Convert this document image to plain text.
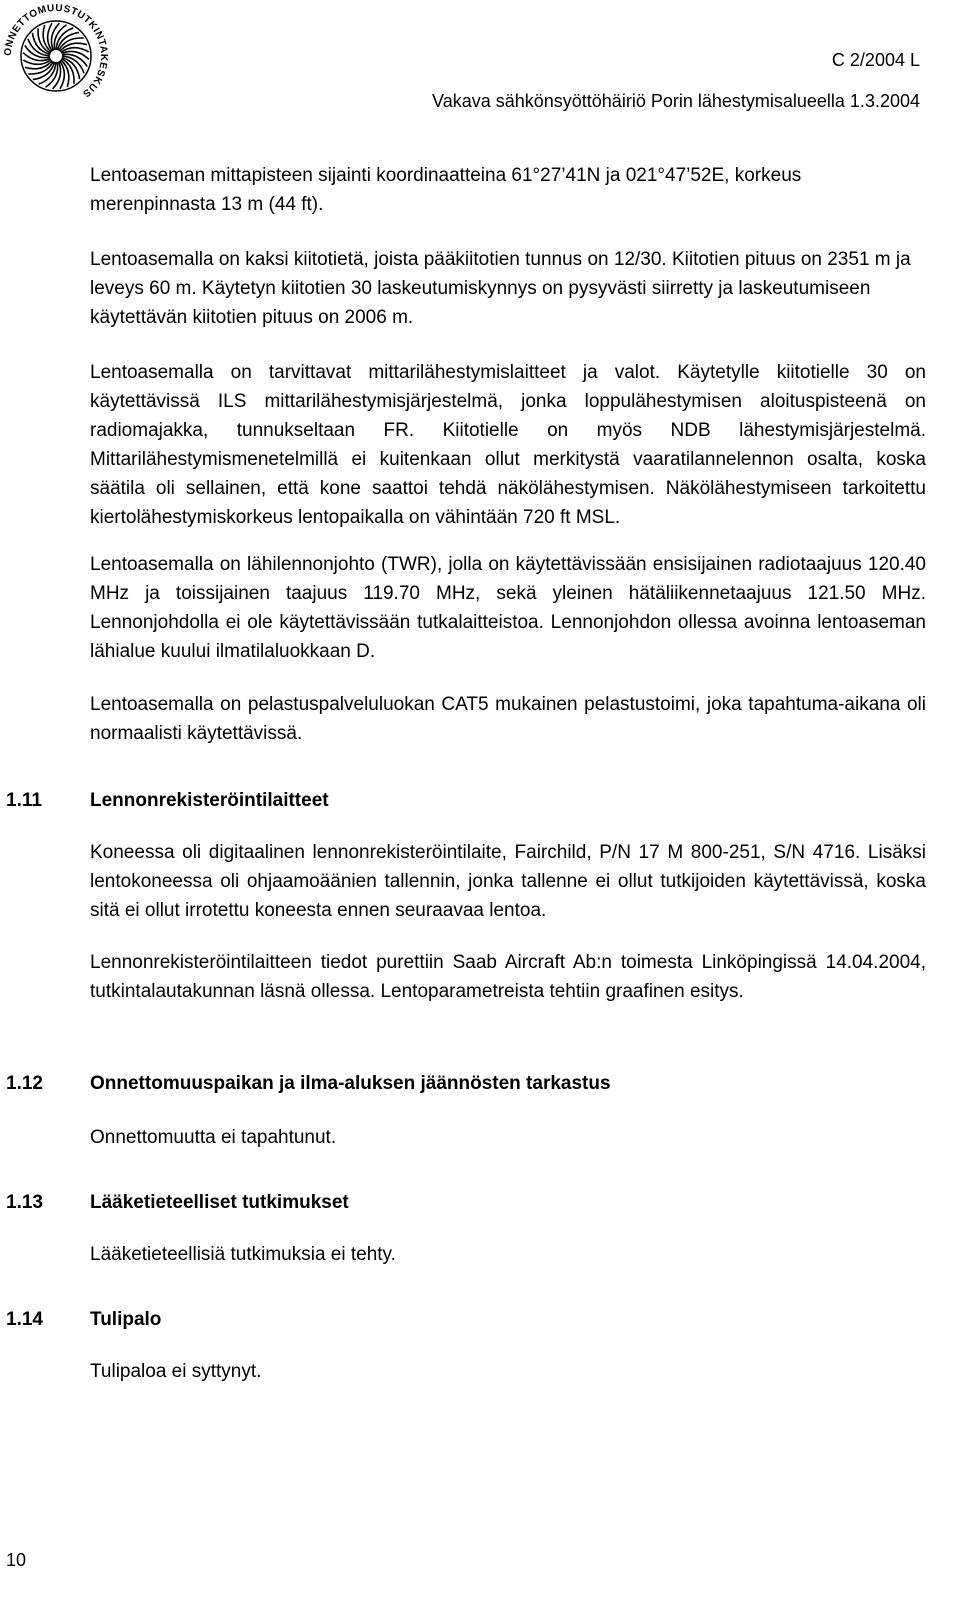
ONNETTOMUUSTUTKINTAKESKUS
C 2/2004 L
Vakava sähkönsyöttöhäiriö Porin lähestymisalueella 1.3.2004

Lentoaseman mittapisteen sijainti koordinaatteina 61°27’41N ja 021°47’52E, korkeus merenpinnasta 13 m (44 ft).

Lentoasemalla on kaksi kiitotietä, joista pääkiitotien tunnus on 12/30. Kiitotien pituus on 2351 m ja leveys 60 m. Käytetyn kiitotien 30 laskeutumiskynnys on pysyvästi siirretty ja laskeutumiseen käytettävän kiitotien pituus on 2006 m.

Lentoasemalla on tarvittavat mittarilähestymislaitteet ja valot. Käytetylle kiitotielle 30 on käytettävissä ILS mittarilähestymisjärjestelmä, jonka loppulähestymisen aloituspisteenä on radiomajakka, tunnukseltaan FR. Kiitotielle on myös NDB lähestymisjärjestelmä. Mittarilähestymismenetelmillä ei kuitenkaan ollut merkitystä vaaratilannelennon osalta, koska säätila oli sellainen, että kone saattoi tehdä näkölähestymisen. Näkölähestymiseen tarkoitettu kiertolähestymiskorkeus lentopaikalla on vähintään 720 ft MSL.

Lentoasemalla on lähilennonjohto (TWR), jolla on käytettävissään ensisijainen radiotaajuus 120.40 MHz ja toissijainen taajuus 119.70 MHz, sekä yleinen hätäliikennetaajuus 121.50 MHz. Lennonjohdolla ei ole käytettävissään tutkalaitteistoa. Lennonjohdon ollessa avoinna lentoaseman lähialue kuului ilmatilaluokkaan D.

Lentoasemalla on pelastuspalveluluokan CAT5 mukainen pelastustoimi, joka tapahtuma-aikana oli normaalisti käytettävissä.

1.11	Lennonrekisteröintilaitteet

Koneessa oli digitaalinen lennonrekisteröintilaite, Fairchild, P/N 17 M 800-251, S/N 4716. Lisäksi lentokoneessa oli ohjaamoäänien tallennin, jonka tallenne ei ollut tutkijoiden käytettävissä, koska sitä ei ollut irrotettu koneesta ennen seuraavaa lentoa.

Lennonrekisteröintilaitteen tiedot purettiin Saab Aircraft Ab:n toimesta Linköpingissä 14.04.2004, tutkintalautakunnan läsnä ollessa. Lentoparametreista tehtiin graafinen esitys.

1.12 Onnettomuuspaikan ja ilma-aluksen jäännösten tarkastus

Onnettomuutta ei tapahtunut.

1.13 Lääketieteelliset tutkimukset

Lääketieteellisiä tutkimuksia ei tehty.

1.14 Tulipalo

Tulipaloa ei syttynyt.

10
